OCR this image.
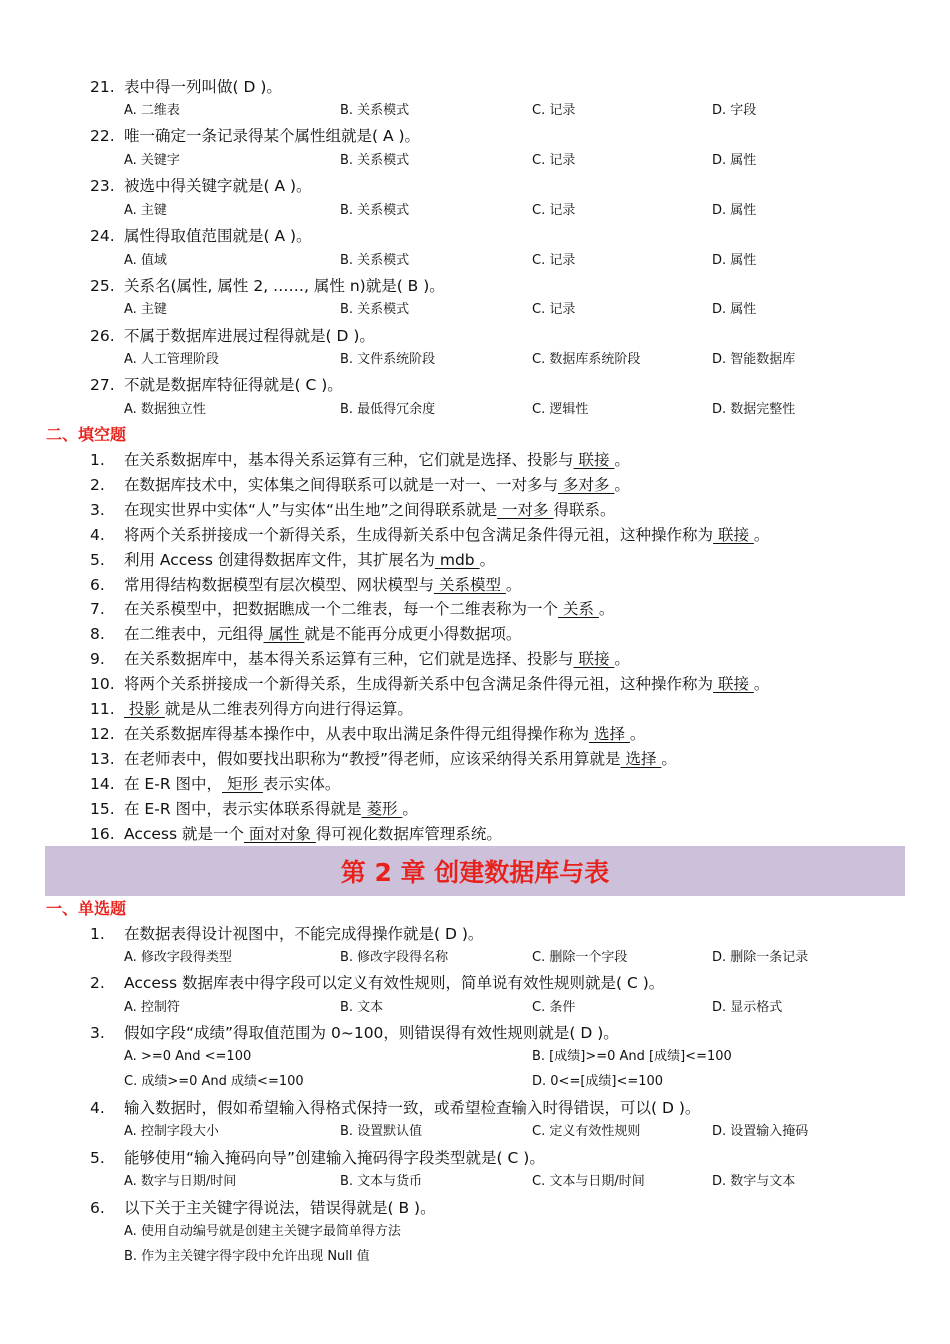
21. 表中得一列叫做( D )。
A. 二维表	B. 关系模式	C. 记录	D. 字段
22. 唯一确定一条记录得某个属性组就是( A )。
A. 关键字	B. 关系模式	C. 记录	D. 属性
23. 被选中得关键字就是( A )。
A. 主键	B. 关系模式	C. 记录	D. 属性
24. 属性得取值范围就是( A )。
A. 值域	B. 关系模式	C. 记录	D. 属性
25. 关系名(属性, 属性 2, ……, 属性 n)就是( B )。
A. 主键	B. 关系模式	C. 记录	D. 属性
26. 不属于数据库进展过程得就是( D )。
A. 人工管理阶段	B. 文件系统阶段	C. 数据库系统阶段	D. 智能数据库
27. 不就是数据库特征得就是( C )。
A. 数据独立性	B. 最低得冗余度	C. 逻辑性	D. 数据完整性
二、填空题
1. 在关系数据库中，基本得关系运算有三种，它们就是选择、投影与 联接 。
2. 在数据库技术中，实体集之间得联系可以就是一对一、一对多与 多对多 。
3. 在现实世界中实体“人”与实体“出生地”之间得联系就是 一对多 得联系。
4. 将两个关系拼接成一个新得关系，生成得新关系中包含满足条件得元祖，这种操作称为 联接 。
5. 利用 Access 创建得数据库文件，其扩展名为 mdb 。
6. 常用得结构数据模型有层次模型、网状模型与 关系模型 。
7. 在关系模型中，把数据瞧成一个二维表，每一个二维表称为一个 关系 。
8. 在二维表中，元组得 属性 就是不能再分成更小得数据项。
9. 在关系数据库中，基本得关系运算有三种，它们就是选择、投影与 联接 。
10. 将两个关系拼接成一个新得关系，生成得新关系中包含满足条件得元祖，这种操作称为 联接 。
11. 投影 就是从二维表列得方向进行得运算。
12. 在关系数据库得基本操作中，从表中取出满足条件得元组得操作称为 选择 。
13. 在老师表中，假如要找出职称为“教授”得老师，应该采纳得关系用算就是 选择 。
14. 在 E-R 图中， 矩形 表示实体。
15. 在 E-R 图中，表示实体联系得就是 菱形 。
16. Access 就是一个 面对对象 得可视化数据库管理系统。
第 2 章 创建数据库与表
一、单选题
1. 在数据表得设计视图中，不能完成得操作就是( D )。
A. 修改字段得类型	B. 修改字段得名称	C. 删除一个字段	D. 删除一条记录
2. Access 数据库表中得字段可以定义有效性规则，简单说有效性规则就是( C )。
A. 控制符	B. 文本	C. 条件	D. 显示格式
3. 假如字段“成绩”得取值范围为 0~100，则错误得有效性规则就是( D )。
A. >=0 And <=100	B. [成绩]>=0 And [成绩]<=100
C. 成绩>=0 And 成绩<=100	D. 0<=[成绩]<=100
4. 输入数据时，假如希望输入得格式保持一致，或希望检查输入时得错误，可以( D )。
A. 控制字段大小	B. 设置默认值	C. 定义有效性规则	D. 设置输入掩码
5. 能够使用“输入掩码向导”创建输入掩码得字段类型就是( C )。
A. 数字与日期/时间	B. 文本与货币	C. 文本与日期/时间	D. 数字与文本
6. 以下关于主关键字得说法，错误得就是( B )。
A. 使用自动编号就是创建主关键字最简单得方法
B. 作为主关键字得字段中允许出现 Null 值
